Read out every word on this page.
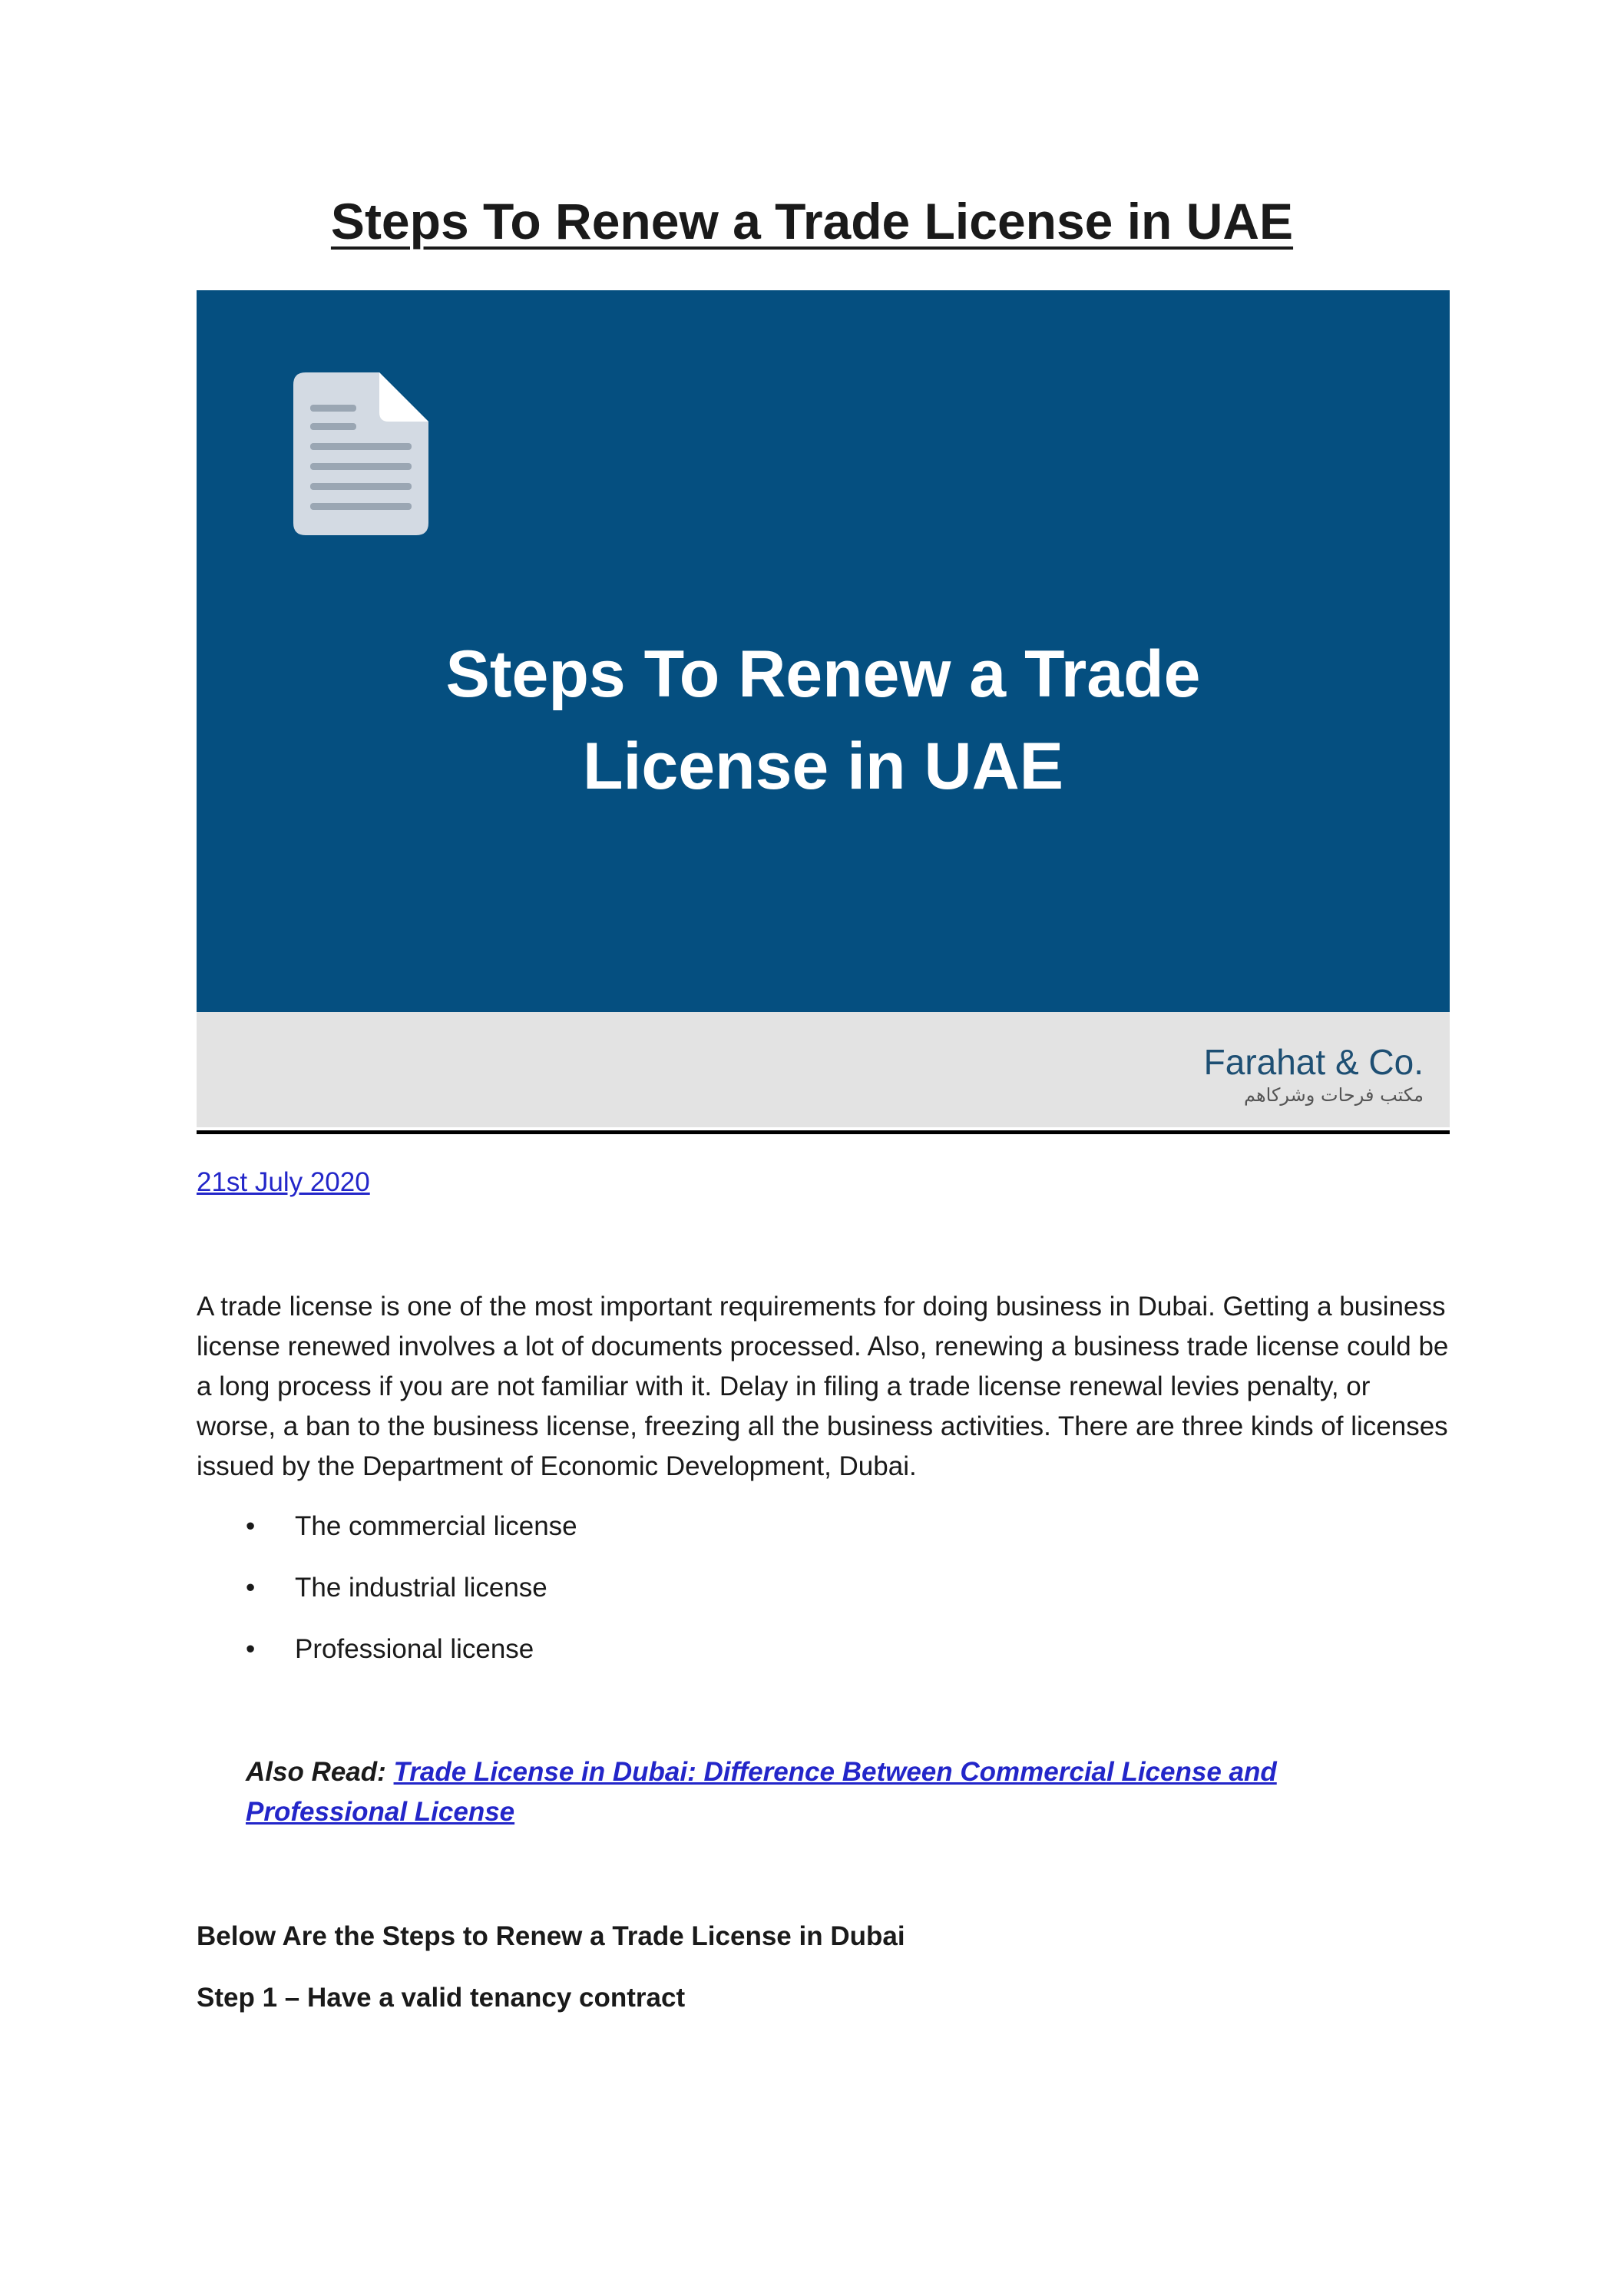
Steps To Renew a Trade License in UAE
Steps To Renew a Trade
License in UAE
Farahat & Co.
مكتب فرحات وشركاهم
21st July 2020

A trade license is one of the most important requirements for doing business in Dubai. Getting a business license renewed involves a lot of documents processed. Also, renewing a business trade license could be a long process if you are not familiar with it. Delay in filing a trade license renewal levies penalty, or worse, a ban to the business license, freezing all the business activities. There are three kinds of licenses issued by the Department of Economic Development, Dubai.

• The commercial license
• The industrial license
• Professional license

Also Read: Trade License in Dubai: Difference Between Commercial License and Professional License

Below Are the Steps to Renew a Trade License in Dubai

Step 1 – Have a valid tenancy contract
